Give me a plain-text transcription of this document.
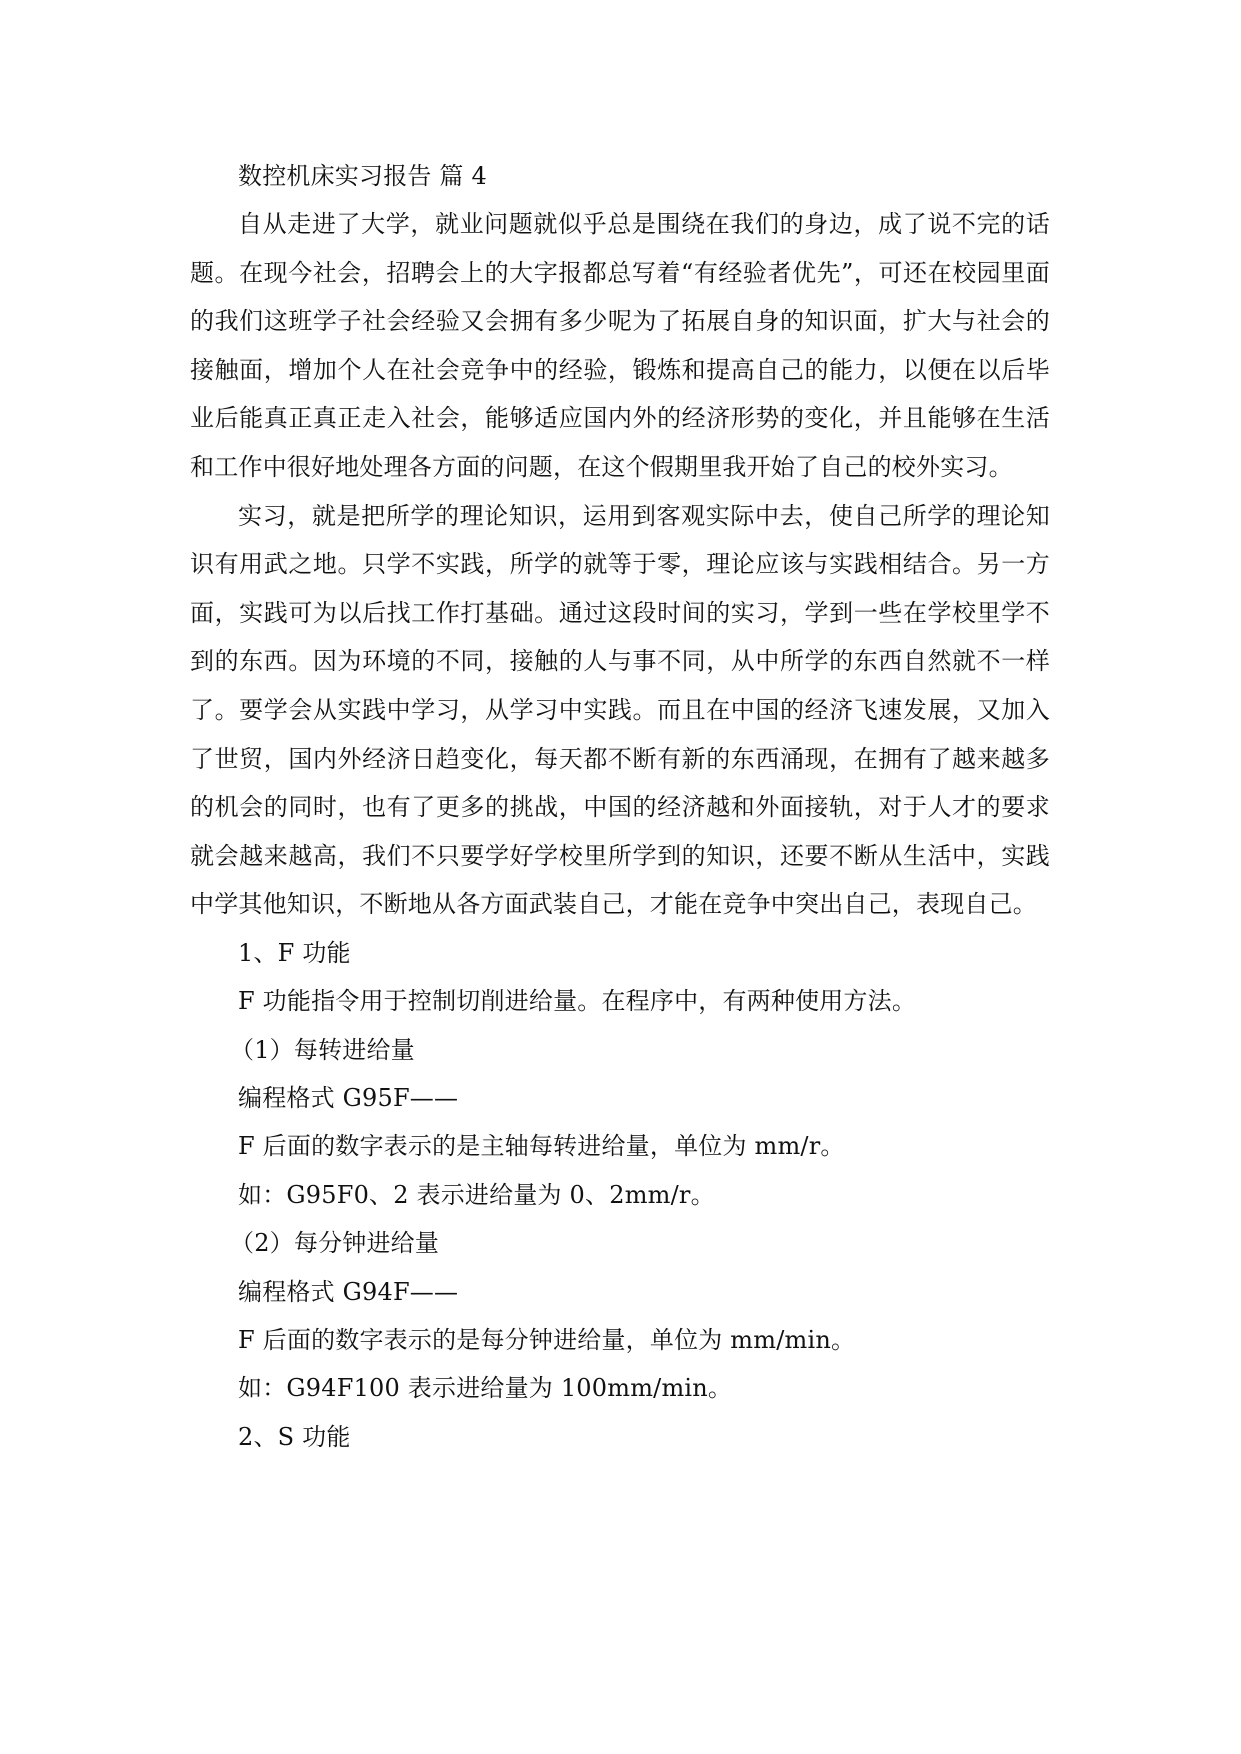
数控机床实习报告 篇 4

自从走进了大学，就业问题就似乎总是围绕在我们的身边，成了说不完的话题。在现今社会，招聘会上的大字报都总写着“有经验者优先”，可还在校园里面的我们这班学子社会经验又会拥有多少呢为了拓展自身的知识面，扩大与社会的接触面，增加个人在社会竞争中的经验，锻炼和提高自己的能力，以便在以后毕业后能真正真正走入社会，能够适应国内外的经济形势的变化，并且能够在生活和工作中很好地处理各方面的问题，在这个假期里我开始了自己的校外实习。

实习，就是把所学的理论知识，运用到客观实际中去，使自己所学的理论知识有用武之地。只学不实践，所学的就等于零，理论应该与实践相结合。另一方面，实践可为以后找工作打基础。通过这段时间的实习，学到一些在学校里学不到的东西。因为环境的不同，接触的人与事不同，从中所学的东西自然就不一样了。要学会从实践中学习，从学习中实践。而且在中国的经济飞速发展，又加入了世贸，国内外经济日趋变化，每天都不断有新的东西涌现，在拥有了越来越多的机会的同时，也有了更多的挑战，中国的经济越和外面接轨，对于人才的要求就会越来越高，我们不只要学好学校里所学到的知识，还要不断从生活中，实践中学其他知识，不断地从各方面武装自己，才能在竞争中突出自己，表现自己。

1、F 功能

F 功能指令用于控制切削进给量。在程序中，有两种使用方法。

（1）每转进给量

编程格式 G95F——

F 后面的数字表示的是主轴每转进给量，单位为 mm/r。

如：G95F0、2 表示进给量为 0、2mm/r。

（2）每分钟进给量

编程格式 G94F——

F 后面的数字表示的是每分钟进给量，单位为 mm/min。

如：G94F100 表示进给量为 100mm/min。

2、S 功能
